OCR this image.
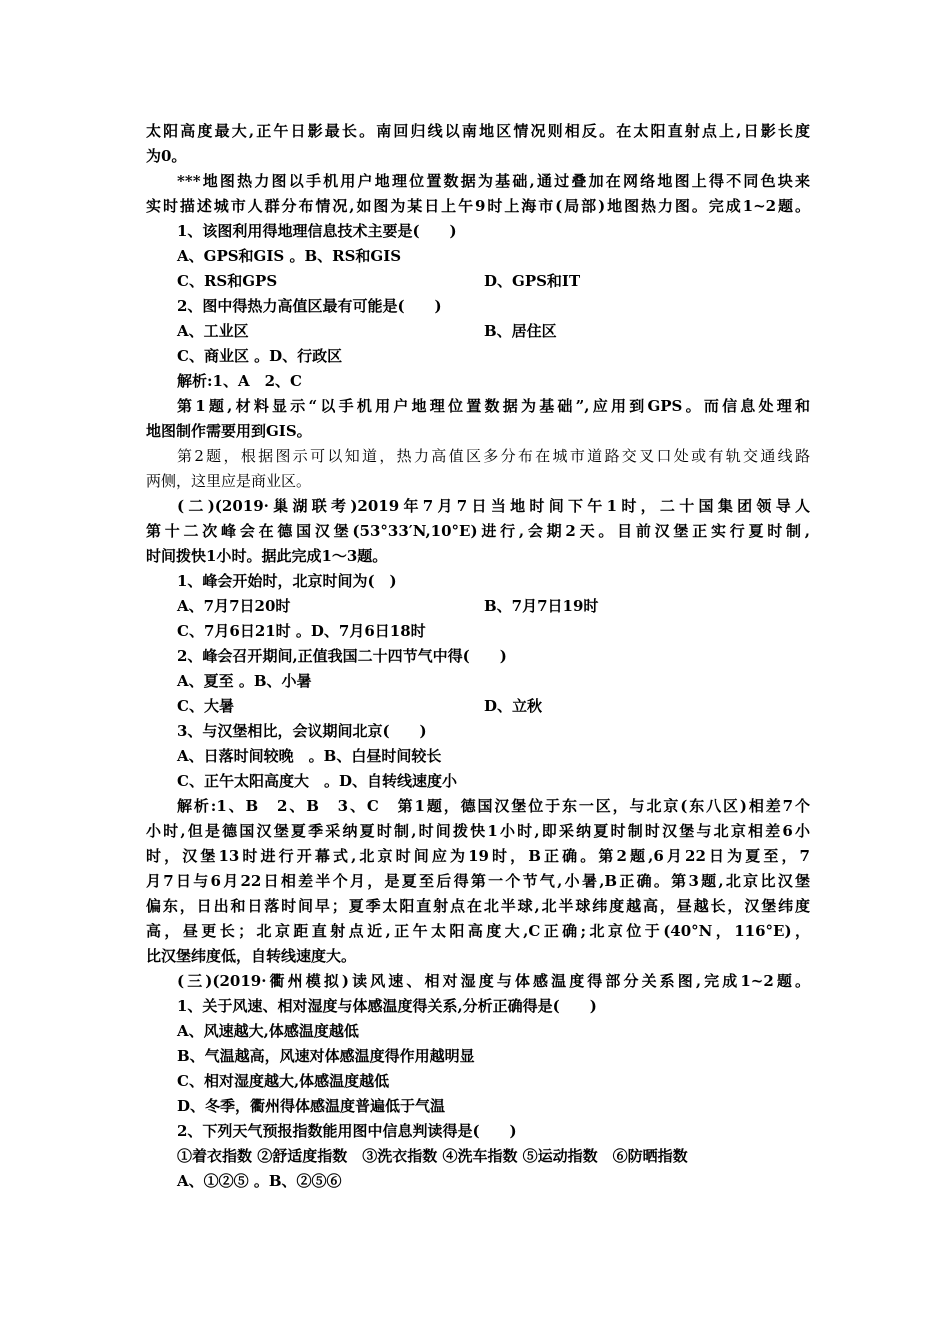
太阳高度最大,正午日影最长。南回归线以南地区情况则相反。在太阳直射点上,日影长度
为0。
***地图热力图以手机用户地理位置数据为基础,通过叠加在网络地图上得不同色块来
实时描述城市人群分布情况,如图为某日上午9时上海市(局部)地图热力图。完成1~2题。
1、该图利用得地理信息技术主要是(　　)
A、GPS和GIS 。B、RS和GIS
C、RS和GPS	D、GPS和IT
2、图中得热力高值区最有可能是(　　)
A、工业区	B、居住区
C、商业区 。D、行政区
解析:1、A　2、C
第1题,材料显示“以手机用户地理位置数据为基础”,应用到GPS。而信息处理和
地图制作需要用到GIS。
第2题，根据图示可以知道，热力高值区多分布在城市道路交叉口处或有轨交通线路
两侧，这里应是商业区。
(二)(2019·巢湖联考)2019年7月7日当地时间下午1时，二十国集团领导人
第十二次峰会在德国汉堡(53°33′N,10°E)进行,会期2天。目前汉堡正实行夏时制,
时间拨快1小时。据此完成1～3题。
1、峰会开始时，北京时间为(　)
A、7月7日20时	B、7月7日19时
C、7月6日21时 。D、7月6日18时
2、峰会召开期间,正值我国二十四节气中得(　　)
A、夏至 。B、小暑
C、大暑	D、立秋
3、与汉堡相比，会议期间北京(　　)
A、日落时间较晚　。B、白昼时间较长
C、正午太阳高度大　。D、自转线速度小
解析:1、B　2、B　3、C　第1题，德国汉堡位于东一区，与北京(东八区)相差7个
小时,但是德国汉堡夏季采纳夏时制,时间拨快1小时,即采纳夏时制时汉堡与北京相差6小
时，汉堡13时进行开幕式,北京时间应为19时，B正确。第2题,6月22日为夏至，7
月7日与6月22日相差半个月，是夏至后得第一个节气,小暑,B正确。第3题,北京比汉堡
偏东，日出和日落时间早；夏季太阳直射点在北半球,北半球纬度越高，昼越长，汉堡纬度
高，昼更长；北京距直射点近,正午太阳高度大,C正确;北京位于(40°N，116°E)，
比汉堡纬度低，自转线速度大。
(三)(2019·衢州模拟)读风速、相对湿度与体感温度得部分关系图,完成1~2题。
1、关于风速、相对湿度与体感温度得关系,分析正确得是(　　)
A、风速越大,体感温度越低
B、气温越高，风速对体感温度得作用越明显
C、相对湿度越大,体感温度越低
D、冬季，衢州得体感温度普遍低于气温
2、下列天气预报指数能用图中信息判读得是(　　)
①着衣指数 ②舒适度指数　③洗衣指数 ④洗车指数 ⑤运动指数　⑥防晒指数
A、①②⑤ 。B、②⑤⑥
